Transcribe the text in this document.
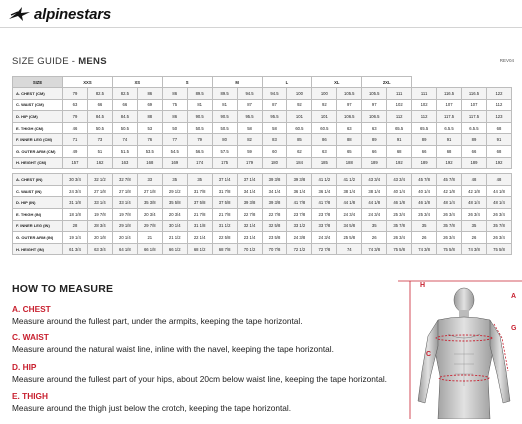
alpinestars
SIZE GUIDE - MENS	REV04
SIZE	XXS		XS		S		M		L		XL		2XL					
A. CHEST (CM)	79	82.5	82.5	86	86	89.5	89.5	94.5	94.5	100	100	105.5	105.5	111	111	116.5	116.5	122
C. WAIST (CM)	63	66	66	69	75	81	81	87	87	92	92	97	97	102	102	107	107	112
D. HIP (CM)	79	84.5	84.5	88	86	90.5	90.5	95.5	95.5	101	101	106.5	106.5	112	112	117.5	117.5	123
E. THIGH (CM)	46	50.5	50.5	53	50	50.5	50.5	58	58	60.5	60.5	63	63	65.5	65.5	6.5.5	6.5.5	68
F. INNER LEG (CM)	71	73	74	76	77	79	80	82	83	85	86	88	89	91	89	91	89	91
G. OUTER ARM (CM)	49	51	51.5	53.5	54.5	56.5	57.5	59	60	62	63	65	66	68	66	68	66	68
H. HEIGHT (CM)	157	162	163	168	169	174	175	179	180	184	185	188	189	192	189	192	189	192

A. CHEST (IN)	30 3/4	32 1/2	32 7/8	33	35	35	37 1/4	37 1/4	39 3/8	39 3/8	41 1/2	41 1/2	43 3/4	43 3/4	45 7/8	45 7/8	48	48
C. WAIST (IN)	24 3/4	27 1/8	27 1/8	27 1/8	29 1/2	31 7/8	31 7/8	34 1/4	34 1/4	36 1/4	36 1/4	38 1/4	38 1/4	40 1/4	40 1/4	42 1/8	42 1/8	44 1/8
D. HIP (IN)	31 1/8	33 1/4	33 1/4	35 3/8	35 5/8	37 5/8	37 5/8	39 3/8	39 3/8	41 7/8	41 7/8	44 1/8	44 1/8	46 1/8	46 1/8	48 1/4	48 1/4	48 1/4
E. THIGH (IN)	18 1/8	19 7/8	19 7/8	20 3/4	20 3/4	21 7/8	21 7/8	22 7/8	22 7/8	23 7/8	23 7/8	24 3/4	24 3/4	25 3/4	25 3/4	26 3/4	26 3/4	26 3/4
F. INNER LEG (IN)	28	28 3/4	29 1/8	29 7/8	30 1/4	31 1/8	31 1/2	32 1/4	32 5/8	33 1/2	33 7/8	34 5/8	35	35 7/8	35	35 7/8	35	35 7/8
G. OUTER ARM (IN)	19 1/4	20 1/8	20 1/4	21	21 1/2	22 1/4	22 5/8	23 1/4	23 5/8	24 3/8	24 3/4	25 5/8	26	26 3/4	26	26 3/4	26	26 3/4
H. HEIGHT (IN)	61 3/4	63 3/4	64 1/8	66 1/8	66 1/2	68 1/2	68 7/8	70 1/2	70 7/8	72 1/2	72 7/8	74	74 3/8	75 5/8	74 3/8	75 5/8	74 3/8	75 5/8
HOW TO MEASURE
A. CHEST
Measure around the fullest part, under the armpits, keeping the tape horizontal.
C. WAIST
Measure around the natural waist line, inline with the navel, keeping the tape horizontal.
D. HIP
Measure around the fullest part of your hips, about 20cm below waist line, keeping the tape horizontal.
E. THIGH
Measure around the thigh just below the crotch, keeping the tape horizontal.
H
A
G
C
